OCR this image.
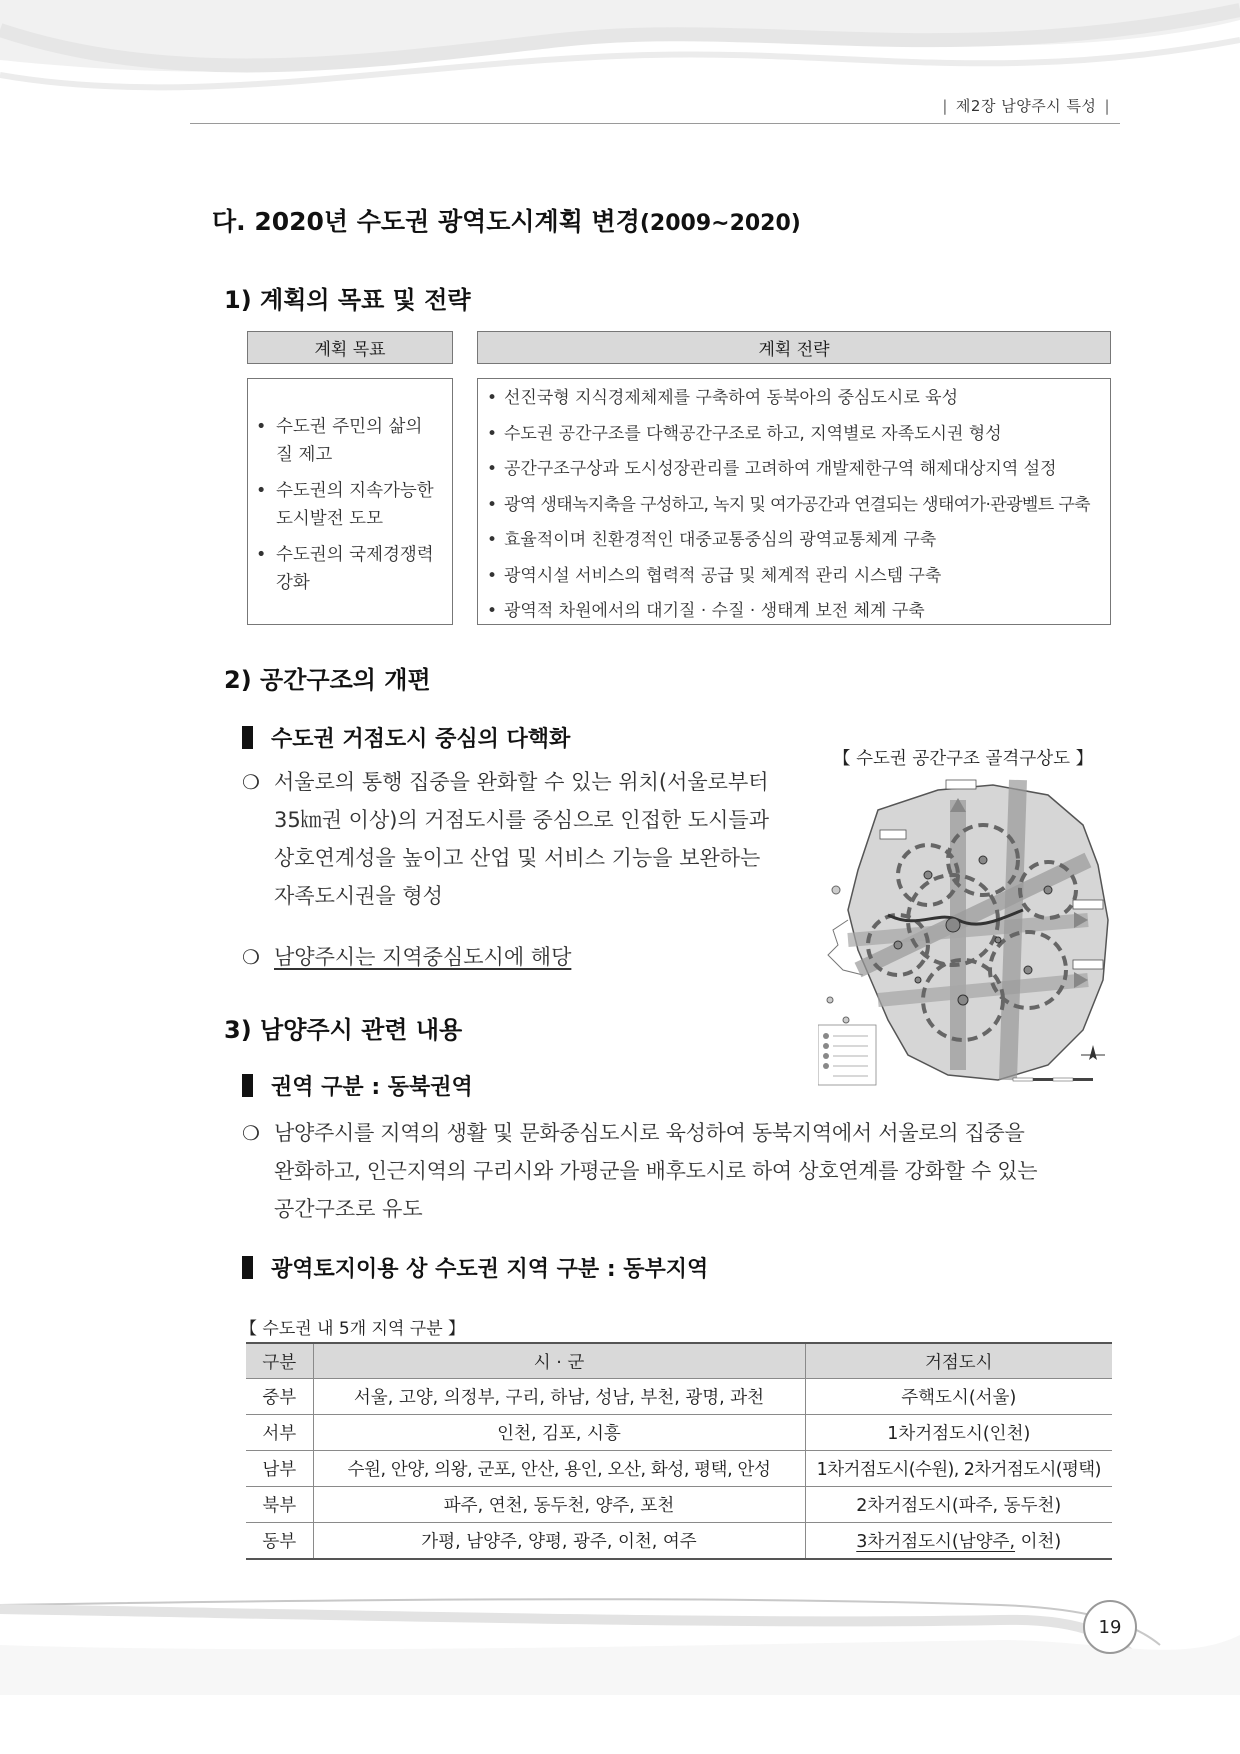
| 제2장 남양주시 특성 |
다. 2020년 수도권 광역도시계획 변경(2009~2020)
1) 계획의 목표 및 전략
계획 목표	계획 전략
• 수도권 주민의 삶의
질 제고
• 수도권의 지속가능한
도시발전 도모
• 수도권의 국제경쟁력
강화
• 선진국형 지식경제체제를 구축하여 동북아의 중심도시로 육성
• 수도권 공간구조를 다핵공간구조로 하고, 지역별로 자족도시권 형성
• 공간구조구상과 도시성장관리를 고려하여 개발제한구역 해제대상지역 설정
• 광역 생태녹지축을 구성하고, 녹지 및 여가공간과 연결되는 생태여가·관광벨트 구축
• 효율적이며 친환경적인 대중교통중심의 광역교통체계 구축
• 광역시설 서비스의 협력적 공급 및 체계적 관리 시스템 구축
• 광역적 차원에서의 대기질 · 수질 · 생태계 보전 체계 구축
2) 공간구조의 개편
수도권 거점도시 중심의 다핵화
❍ 서울로의 통행 집중을 완화할 수 있는 위치(서울로부터
35㎞권 이상)의 거점도시를 중심으로 인접한 도시들과
상호연계성을 높이고 산업 및 서비스 기능을 보완하는
자족도시권을 형성
❍ 남양주시는 지역중심도시에 해당
【 수도권 공간구조 골격구상도 】
3) 남양주시 관련 내용
권역 구분 : 동북권역
❍ 남양주시를 지역의 생활 및 문화중심도시로 육성하여 동북지역에서 서울로의 집중을
완화하고, 인근지역의 구리시와 가평군을 배후도시로 하여 상호연계를 강화할 수 있는
공간구조로 유도
광역토지이용 상 수도권 지역 구분 : 동부지역
【 수도권 내 5개 지역 구분 】
구분	시 · 군	거점도시
중부	서울, 고양, 의정부, 구리, 하남, 성남, 부천, 광명, 과천	주핵도시(서울)
서부	인천, 김포, 시흥	1차거점도시(인천)
남부	수원, 안양, 의왕, 군포, 안산, 용인, 오산, 화성, 평택, 안성	1차거점도시(수원), 2차거점도시(평택)
북부	파주, 연천, 동두천, 양주, 포천	2차거점도시(파주, 동두천)
동부	가평, 남양주, 양평, 광주, 이천, 여주	3차거점도시(남양주, 이천)
19
